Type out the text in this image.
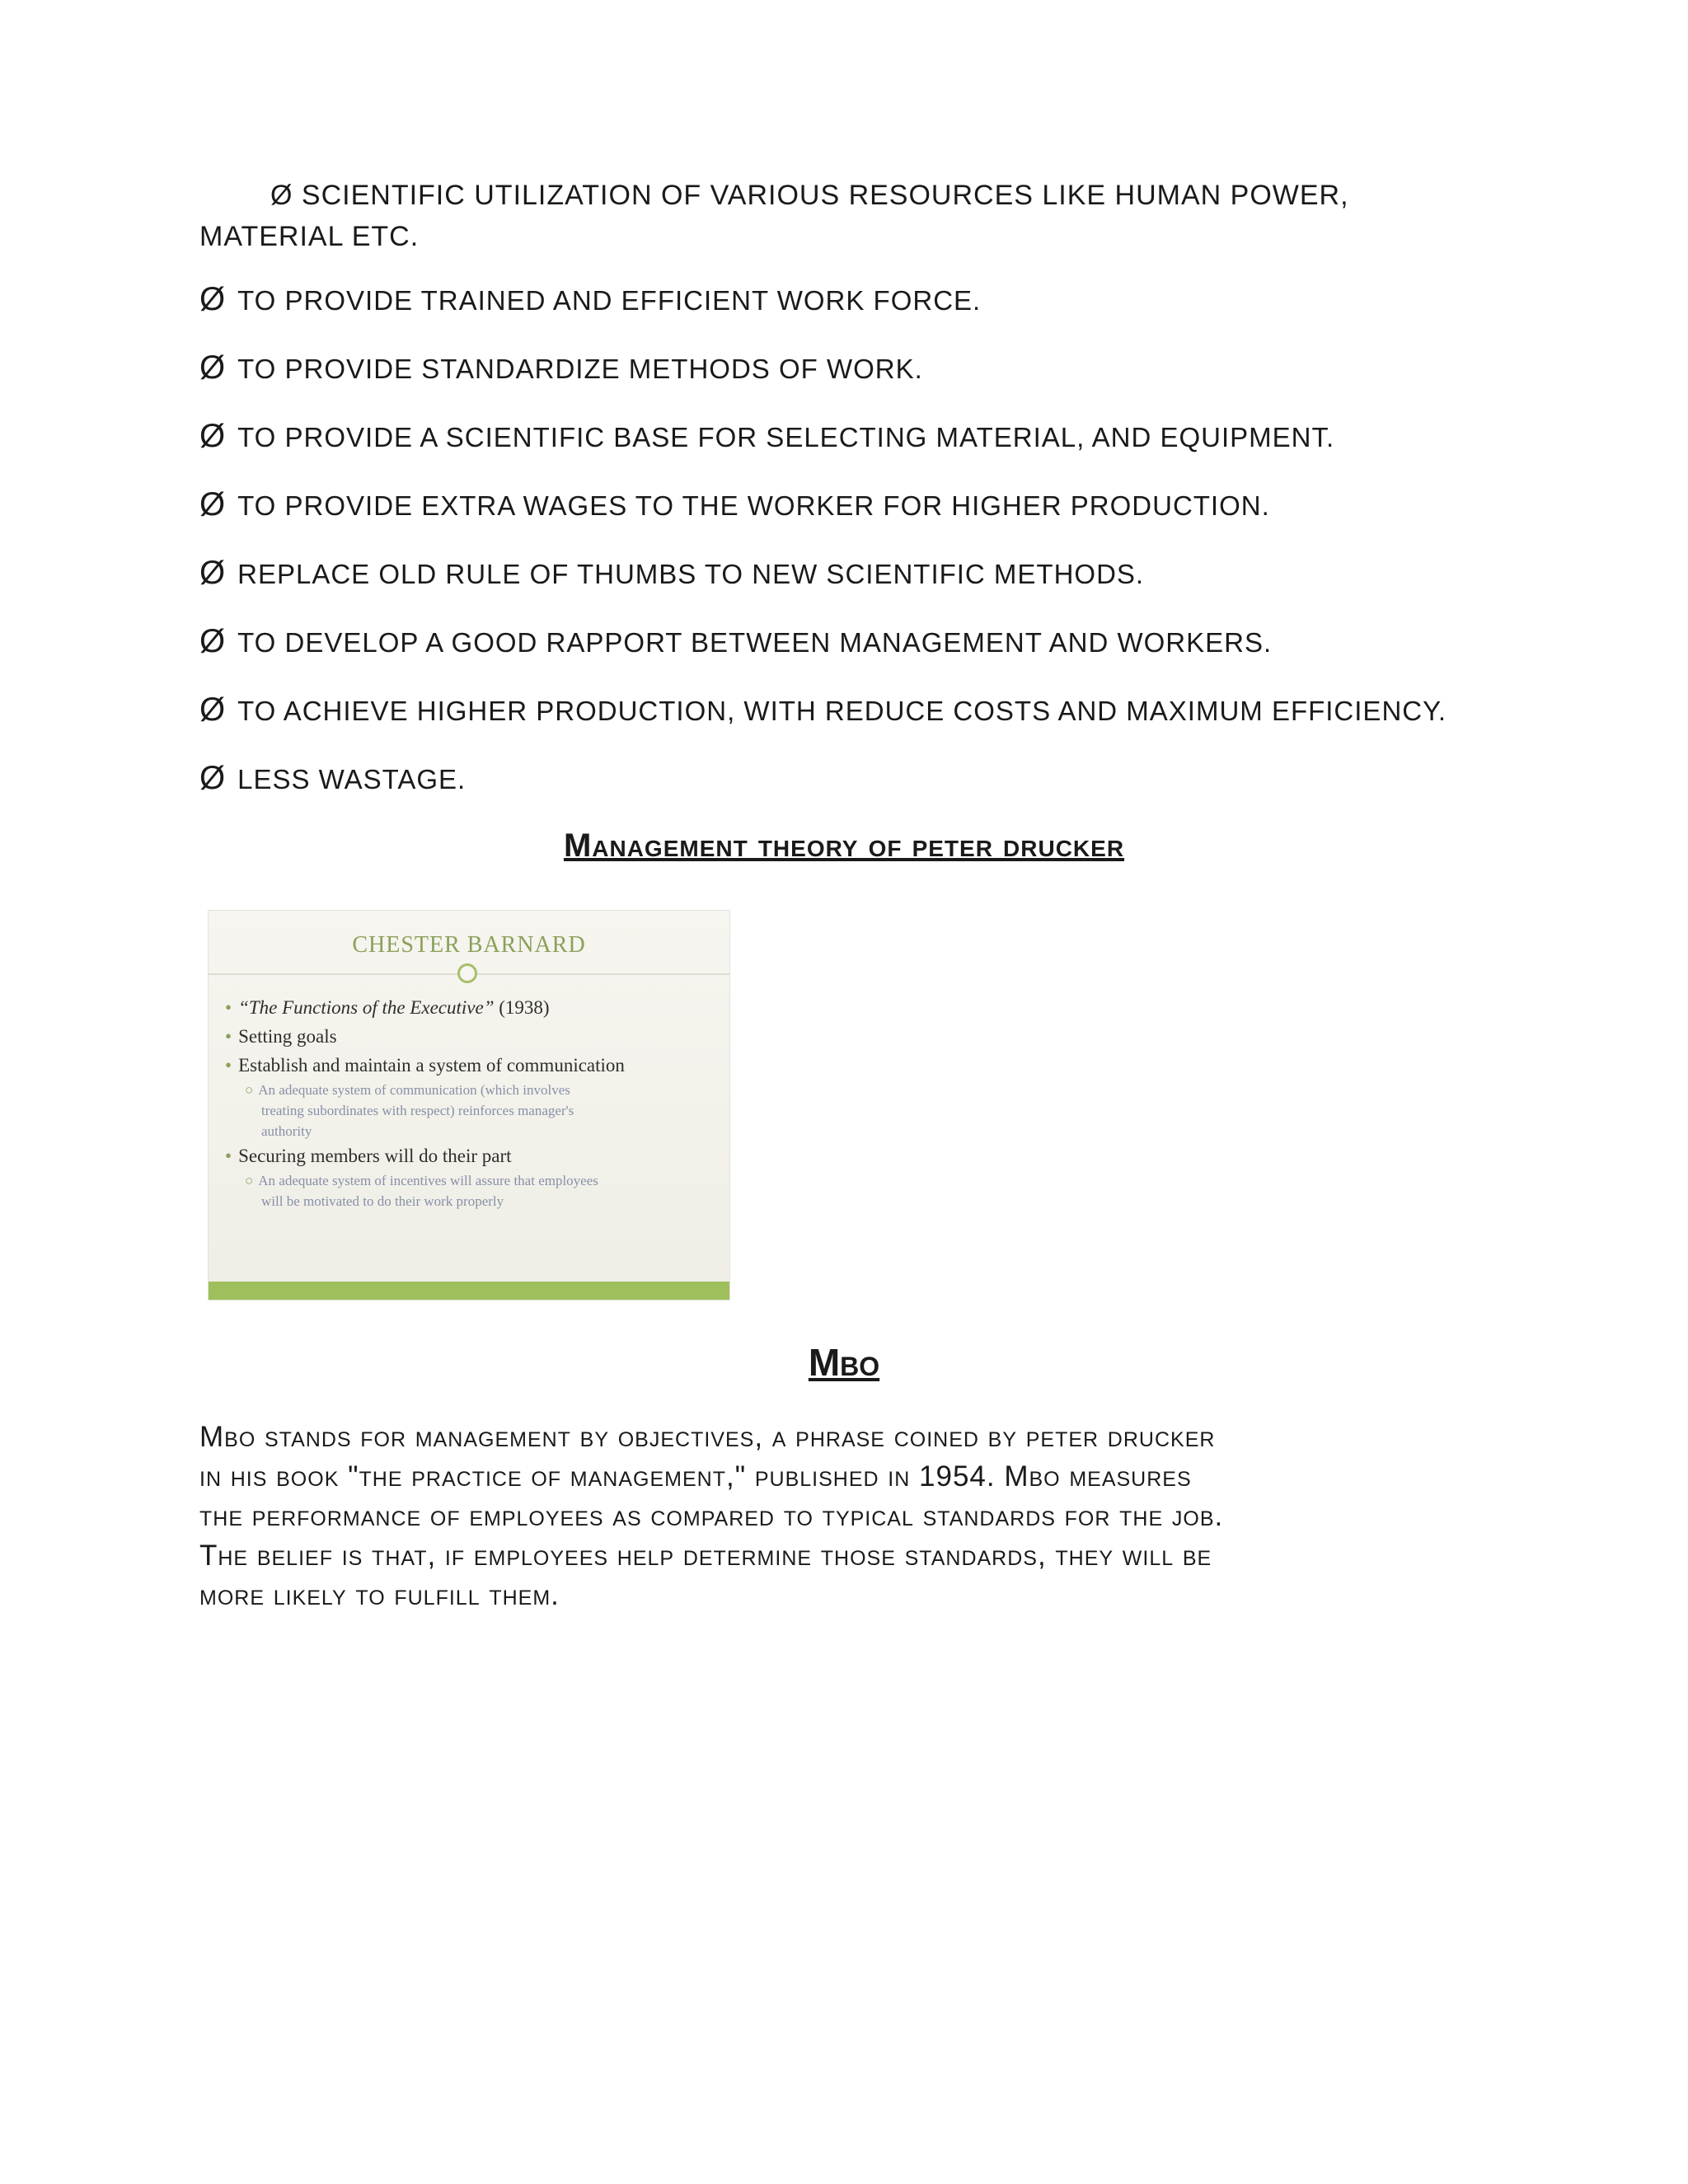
Ø SCIENTIFIC UTILIZATION OF VARIOUS RESOURCES LIKE HUMAN POWER,
MATERIAL ETC.
Ø TO PROVIDE TRAINED AND EFFICIENT WORK FORCE.
Ø TO PROVIDE STANDARDIZE METHODS OF WORK.
Ø TO PROVIDE A SCIENTIFIC BASE FOR SELECTING MATERIAL, AND EQUIPMENT.
Ø TO PROVIDE EXTRA WAGES TO THE WORKER FOR HIGHER PRODUCTION.
Ø REPLACE OLD RULE OF THUMBS TO NEW SCIENTIFIC METHODS.
Ø TO DEVELOP A GOOD RAPPORT BETWEEN MANAGEMENT AND WORKERS.
Ø TO ACHIEVE HIGHER PRODUCTION, WITH REDUCE COSTS AND MAXIMUM EFFICIENCY.
Ø LESS WASTAGE.
Management theory of peter drucker
CHESTER BARNARD
• “The Functions of the Executive” (1938)
• Setting goals
• Establish and maintain a system of communication
○ An adequate system of communication (which involves
treating subordinates with respect) reinforces manager's
authority
• Securing members will do their part
○ An adequate system of incentives will assure that employees
will be motivated to do their work properly
Mbo
Mbo stands for management by objectives, a phrase coined by peter drucker
in his book "the practice of management," published in 1954. Mbo measures
the performance of employees as compared to typical standards for the job.
The belief is that, if employees help determine those standards, they will be
more likely to fulfill them.
